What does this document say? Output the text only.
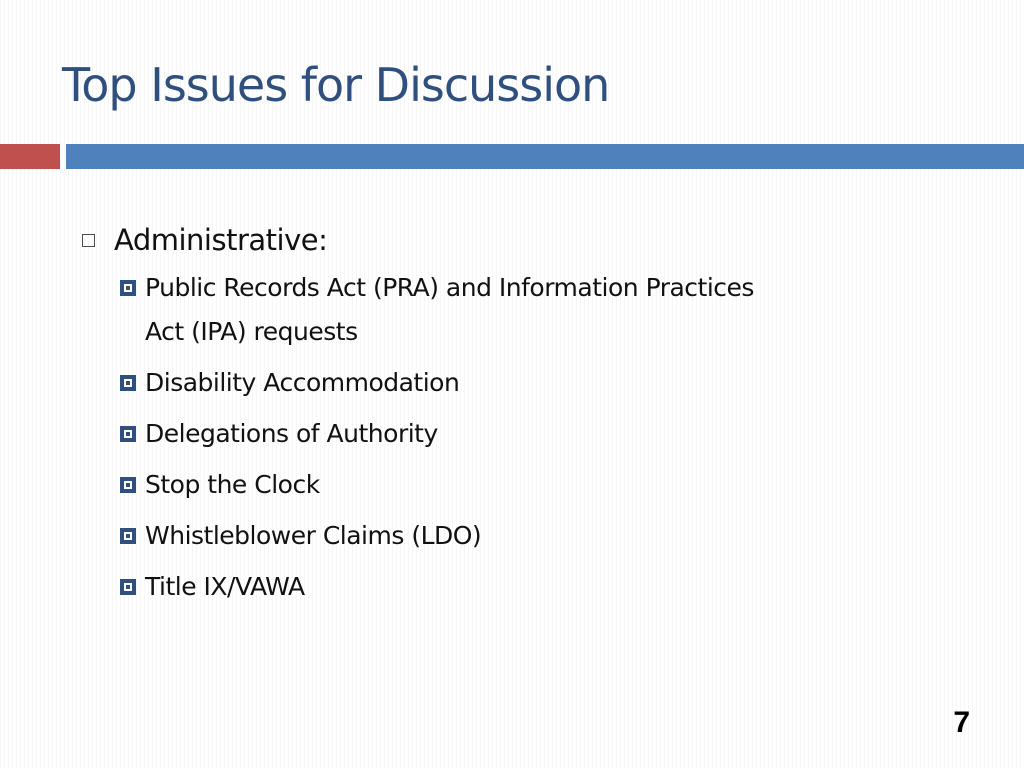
Top Issues for Discussion
Administrative:
Public Records Act (PRA) and Information Practices Act (IPA) requests
Disability Accommodation
Delegations of Authority
Stop the Clock
Whistleblower Claims (LDO)
Title IX/VAWA
7
